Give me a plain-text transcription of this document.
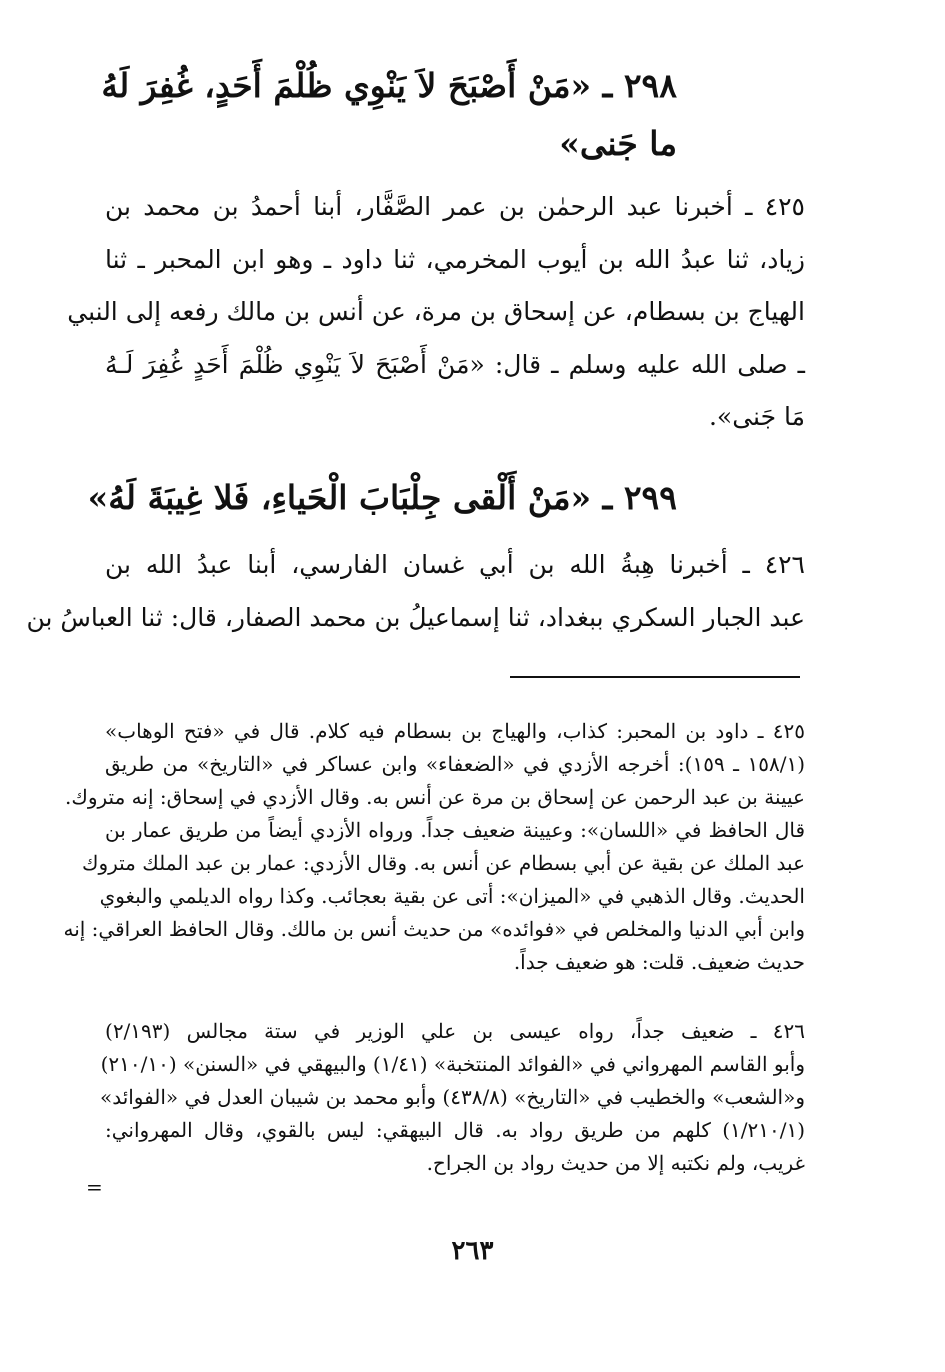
٢٩٨ ـ «مَنْ أَصْبَحَ لاَ يَنْوِي ظُلْمَ أَحَدٍ، غُفِرَ لَهُ
ما جَنى»
٤٢٥ ـ أخبرنا عبد الرحمٰن بن عمر الصَّفَّار، أبنا أحمدُ بن محمد بن
زياد، ثنا عبدُ الله بن أيوب المخرمي، ثنا داود ـ وهو ابن المحبر ـ ثنا
الهياج بن بسطام، عن إسحاق بن مرة، عن أنس بن مالك رفعه إلى النبي
ـ صلى الله عليه وسلم ـ قال: «مَنْ أَصْبَحَ لاَ يَنْوِي ظُلْمَ أَحَدٍ غُفِرَ لَـهُ
مَا جَنى».
٢٩٩ ـ «مَنْ أَلْقى جِلْبَابَ الْحَياءِ، فَلا غِيبَةَ لَهُ»
٤٢٦ ـ أخبرنا هِبةُ الله بن أبي غسان الفارسي، أبنا عبدُ الله بن
عبد الجبار السكري ببغداد، ثنا إسماعيلُ بن محمد الصفار، قال: ثنا العباسُ بن
٤٢٥ ـ داود بن المحبر: كذاب، والهياج بن بسطام فيه كلام. قال في «فتح الوهاب»
(١٥٨/١ ـ ١٥٩): أخرجه الأزدي في «الضعفاء» وابن عساكر في «التاريخ» من طريق
عيينة بن عبد الرحمن عن إسحاق بن مرة عن أنس به. وقال الأزدي في إسحاق: إنه متروك.
قال الحافظ في «اللسان»: وعيينة ضعيف جداً. ورواه الأزدي أيضاً من طريق عمار بن
عبد الملك عن بقية عن أبي بسطام عن أنس به. وقال الأزدي: عمار بن عبد الملك متروك
الحديث. وقال الذهبي في «الميزان»: أتى عن بقية بعجائب. وكذا رواه الديلمي والبغوي
وابن أبي الدنيا والمخلص في «فوائده» من حديث أنس بن مالك. وقال الحافظ العراقي: إنه
حديث ضعيف. قلت: هو ضعيف جداً.
٤٢٦ ـ ضعيف جداً، رواه عيسى بن علي الوزير في ستة مجالس (٢/١٩٣)
وأبو القاسم المهرواني في «الفوائد المنتخبة» (١/٤١) والبيهقي في «السنن» (٢١٠/١٠)
و«الشعب» والخطيب في «التاريخ» (٤٣٨/٨) وأبو محمد بن شيبان العدل في «الفوائد»
(١/٢١٠/١) كلهم من طريق رواد به. قال البيهقي: ليس بالقوي، وقال المهرواني:
غريب، ولم نكتبه إلا من حديث رواد بن الجراح.
=
٢٦٣
